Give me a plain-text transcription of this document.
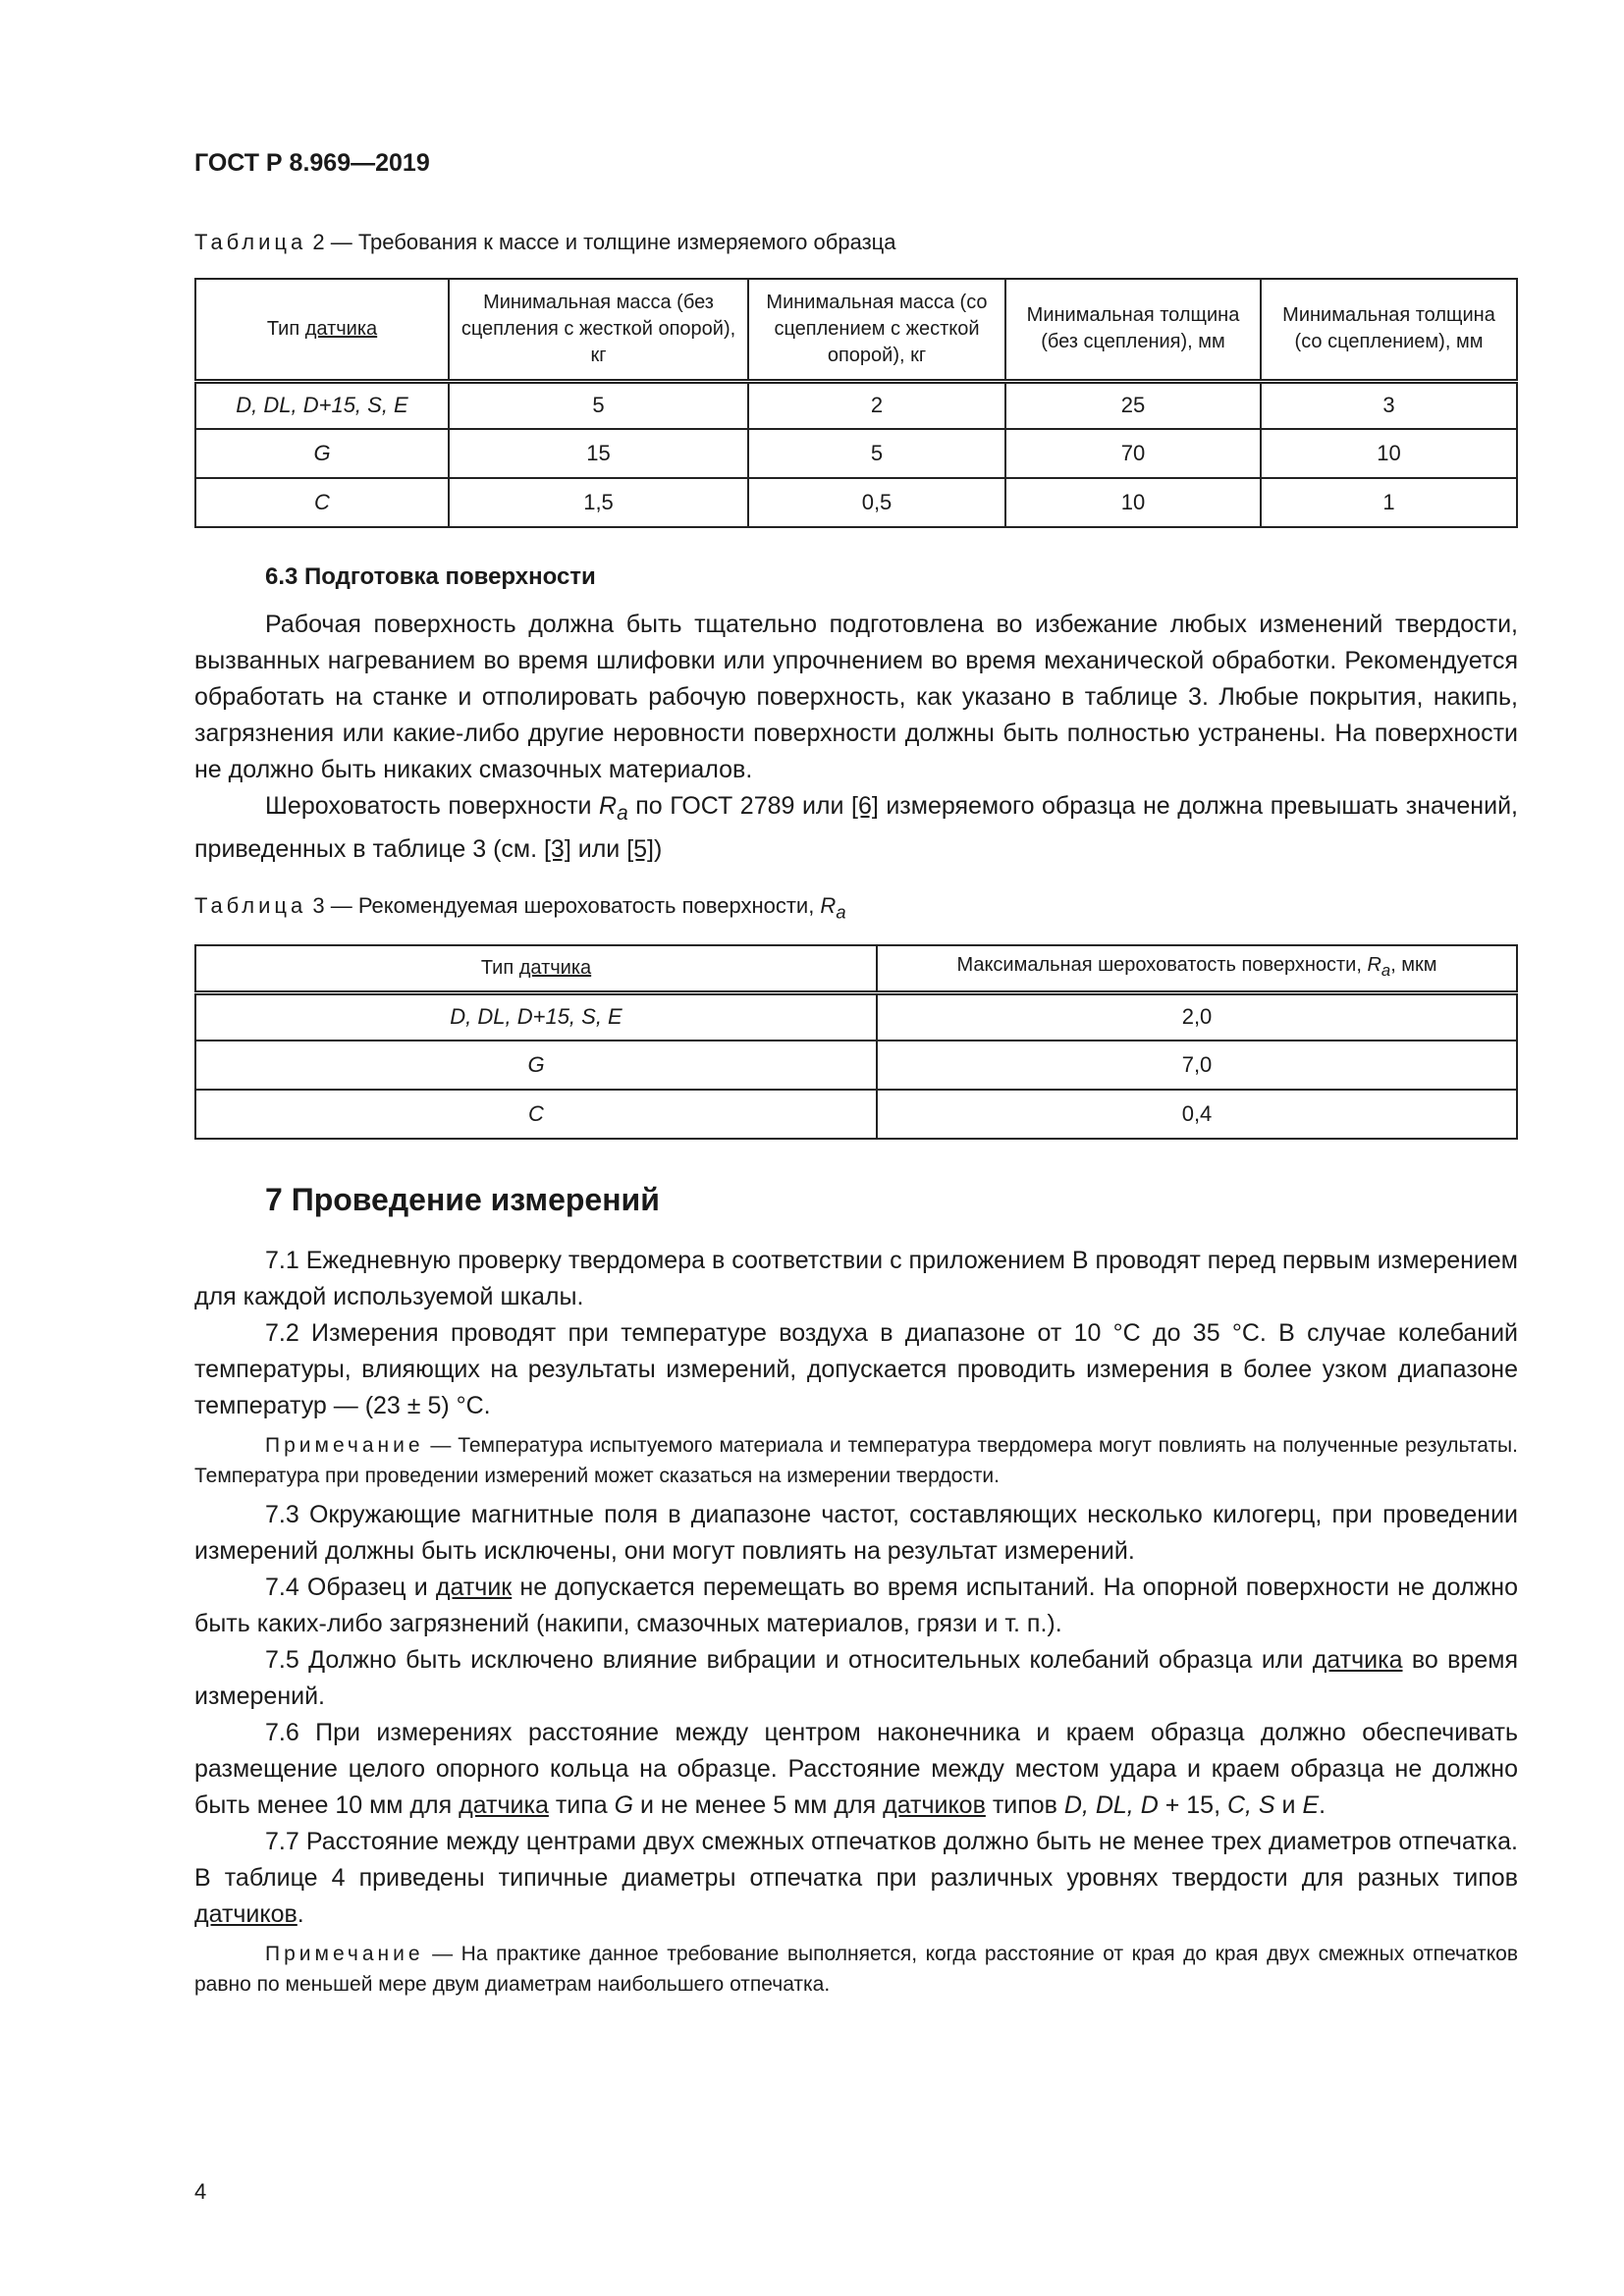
ГОСТ Р 8.969—2019
Таблица 2 — Требования к массе и толщине измеряемого образца
Тип датчика	Минимальная масса (без сцепления с жесткой опорой), кг	Минимальная масса (со сцеплением с жесткой опорой), кг	Минимальная толщина (без сцепления), мм	Минимальная толщина (со сцеплением), мм
D, DL, D+15, S, E	5	2	25	3
G	15	5	70	10
C	1,5	0,5	10	1
6.3 Подготовка поверхности

Рабочая поверхность должна быть тщательно подготовлена во избежание любых изменений твердости, вызванных нагреванием во время шлифовки или упрочнением во время механической обработки. Рекомендуется обработать на станке и отполировать рабочую поверхность, как указано в таблице 3. Любые покрытия, накипь, загрязнения или какие-либо другие неровности поверхности должны быть полностью устранены. На поверхности не должно быть никаких смазочных материалов.

Шероховатость поверхности $R_a$ по ГОСТ 2789 или [6] измеряемого образца не должна превышать значений, приведенных в таблице 3 (см. [3] или [5])

Таблица 3 — Рекомендуемая шероховатость поверхности, $R_a$
Тип датчика	Максимальная шероховатость поверхности, $R_a$, мкм
D, DL, D+15, S, E	2,0
G	7,0
C	0,4
7 Проведение измерений

7.1 Ежедневную проверку твердомера в соответствии с приложением В проводят перед первым измерением для каждой используемой шкалы.

7.2 Измерения проводят при температуре воздуха в диапазоне от 10 °С до 35 °С. В случае колебаний температуры, влияющих на результаты измерений, допускается проводить измерения в более узком диапазоне температур — (23 ± 5) °С.

Примечание — Температура испытуемого материала и температура твердомера могут повлиять на полученные результаты. Температура при проведении измерений может сказаться на измерении твердости.

7.3 Окружающие магнитные поля в диапазоне частот, составляющих несколько килогерц, при проведении измерений должны быть исключены, они могут повлиять на результат измерений.

7.4 Образец и датчик не допускается перемещать во время испытаний. На опорной поверхности не должно быть каких-либо загрязнений (накипи, смазочных материалов, грязи и т. п.).

7.5 Должно быть исключено влияние вибрации и относительных колебаний образца или датчика во время измерений.

7.6 При измерениях расстояние между центром наконечника и краем образца должно обеспечивать размещение целого опорного кольца на образце. Расстояние между местом удара и краем образца не должно быть менее 10 мм для датчика типа G и не менее 5 мм для датчиков типов D, DL, D + 15, C, S и E.

7.7 Расстояние между центрами двух смежных отпечатков должно быть не менее трех диаметров отпечатка. В таблице 4 приведены типичные диаметры отпечатка при различных уровнях твердости для разных типов датчиков.

Примечание — На практике данное требование выполняется, когда расстояние от края до края двух смежных отпечатков равно по меньшей мере двум диаметрам наибольшего отпечатка.

4
